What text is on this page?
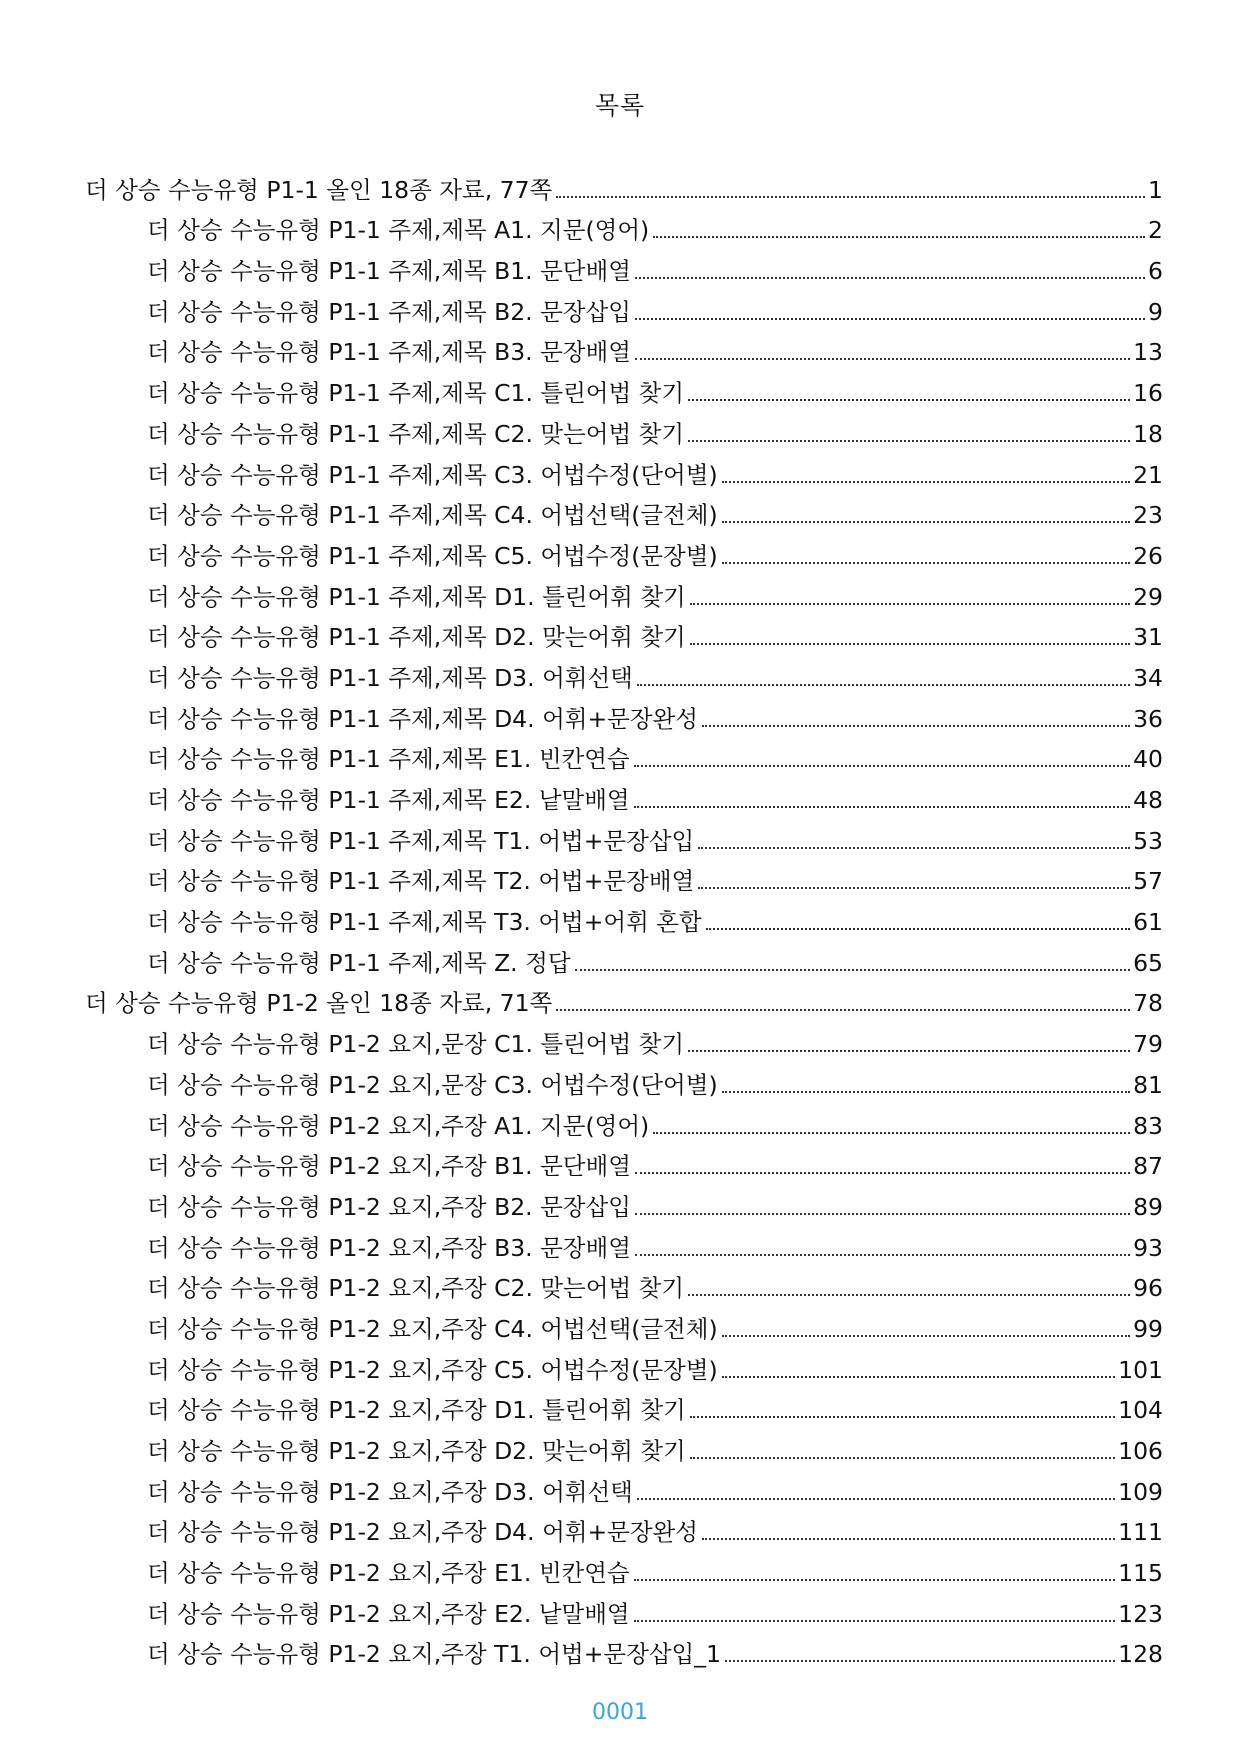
목록
더 상승 수능유형 P1-1 올인 18종 자료, 77쪽	1
더 상승 수능유형 P1-1 주제,제목 A1. 지문(영어)	2
더 상승 수능유형 P1-1 주제,제목 B1. 문단배열	6
더 상승 수능유형 P1-1 주제,제목 B2. 문장삽입	9
더 상승 수능유형 P1-1 주제,제목 B3. 문장배열	13
더 상승 수능유형 P1-1 주제,제목 C1. 틀린어법 찾기	16
더 상승 수능유형 P1-1 주제,제목 C2. 맞는어법 찾기	18
더 상승 수능유형 P1-1 주제,제목 C3. 어법수정(단어별)	21
더 상승 수능유형 P1-1 주제,제목 C4. 어법선택(글전체)	23
더 상승 수능유형 P1-1 주제,제목 C5. 어법수정(문장별)	26
더 상승 수능유형 P1-1 주제,제목 D1. 틀린어휘 찾기	29
더 상승 수능유형 P1-1 주제,제목 D2. 맞는어휘 찾기	31
더 상승 수능유형 P1-1 주제,제목 D3. 어휘선택	34
더 상승 수능유형 P1-1 주제,제목 D4. 어휘+문장완성	36
더 상승 수능유형 P1-1 주제,제목 E1. 빈칸연습	40
더 상승 수능유형 P1-1 주제,제목 E2. 낱말배열	48
더 상승 수능유형 P1-1 주제,제목 T1. 어법+문장삽입	53
더 상승 수능유형 P1-1 주제,제목 T2. 어법+문장배열	57
더 상승 수능유형 P1-1 주제,제목 T3. 어법+어휘 혼합	61
더 상승 수능유형 P1-1 주제,제목 Z. 정답	65
더 상승 수능유형 P1-2 올인 18종 자료, 71쪽	78
더 상승 수능유형 P1-2 요지,문장 C1. 틀린어법 찾기	79
더 상승 수능유형 P1-2 요지,문장 C3. 어법수정(단어별)	81
더 상승 수능유형 P1-2 요지,주장 A1. 지문(영어)	83
더 상승 수능유형 P1-2 요지,주장 B1. 문단배열	87
더 상승 수능유형 P1-2 요지,주장 B2. 문장삽입	89
더 상승 수능유형 P1-2 요지,주장 B3. 문장배열	93
더 상승 수능유형 P1-2 요지,주장 C2. 맞는어법 찾기	96
더 상승 수능유형 P1-2 요지,주장 C4. 어법선택(글전체)	99
더 상승 수능유형 P1-2 요지,주장 C5. 어법수정(문장별)	101
더 상승 수능유형 P1-2 요지,주장 D1. 틀린어휘 찾기	104
더 상승 수능유형 P1-2 요지,주장 D2. 맞는어휘 찾기	106
더 상승 수능유형 P1-2 요지,주장 D3. 어휘선택	109
더 상승 수능유형 P1-2 요지,주장 D4. 어휘+문장완성	111
더 상승 수능유형 P1-2 요지,주장 E1. 빈칸연습	115
더 상승 수능유형 P1-2 요지,주장 E2. 낱말배열	123
더 상승 수능유형 P1-2 요지,주장 T1. 어법+문장삽입_1	128
0001
